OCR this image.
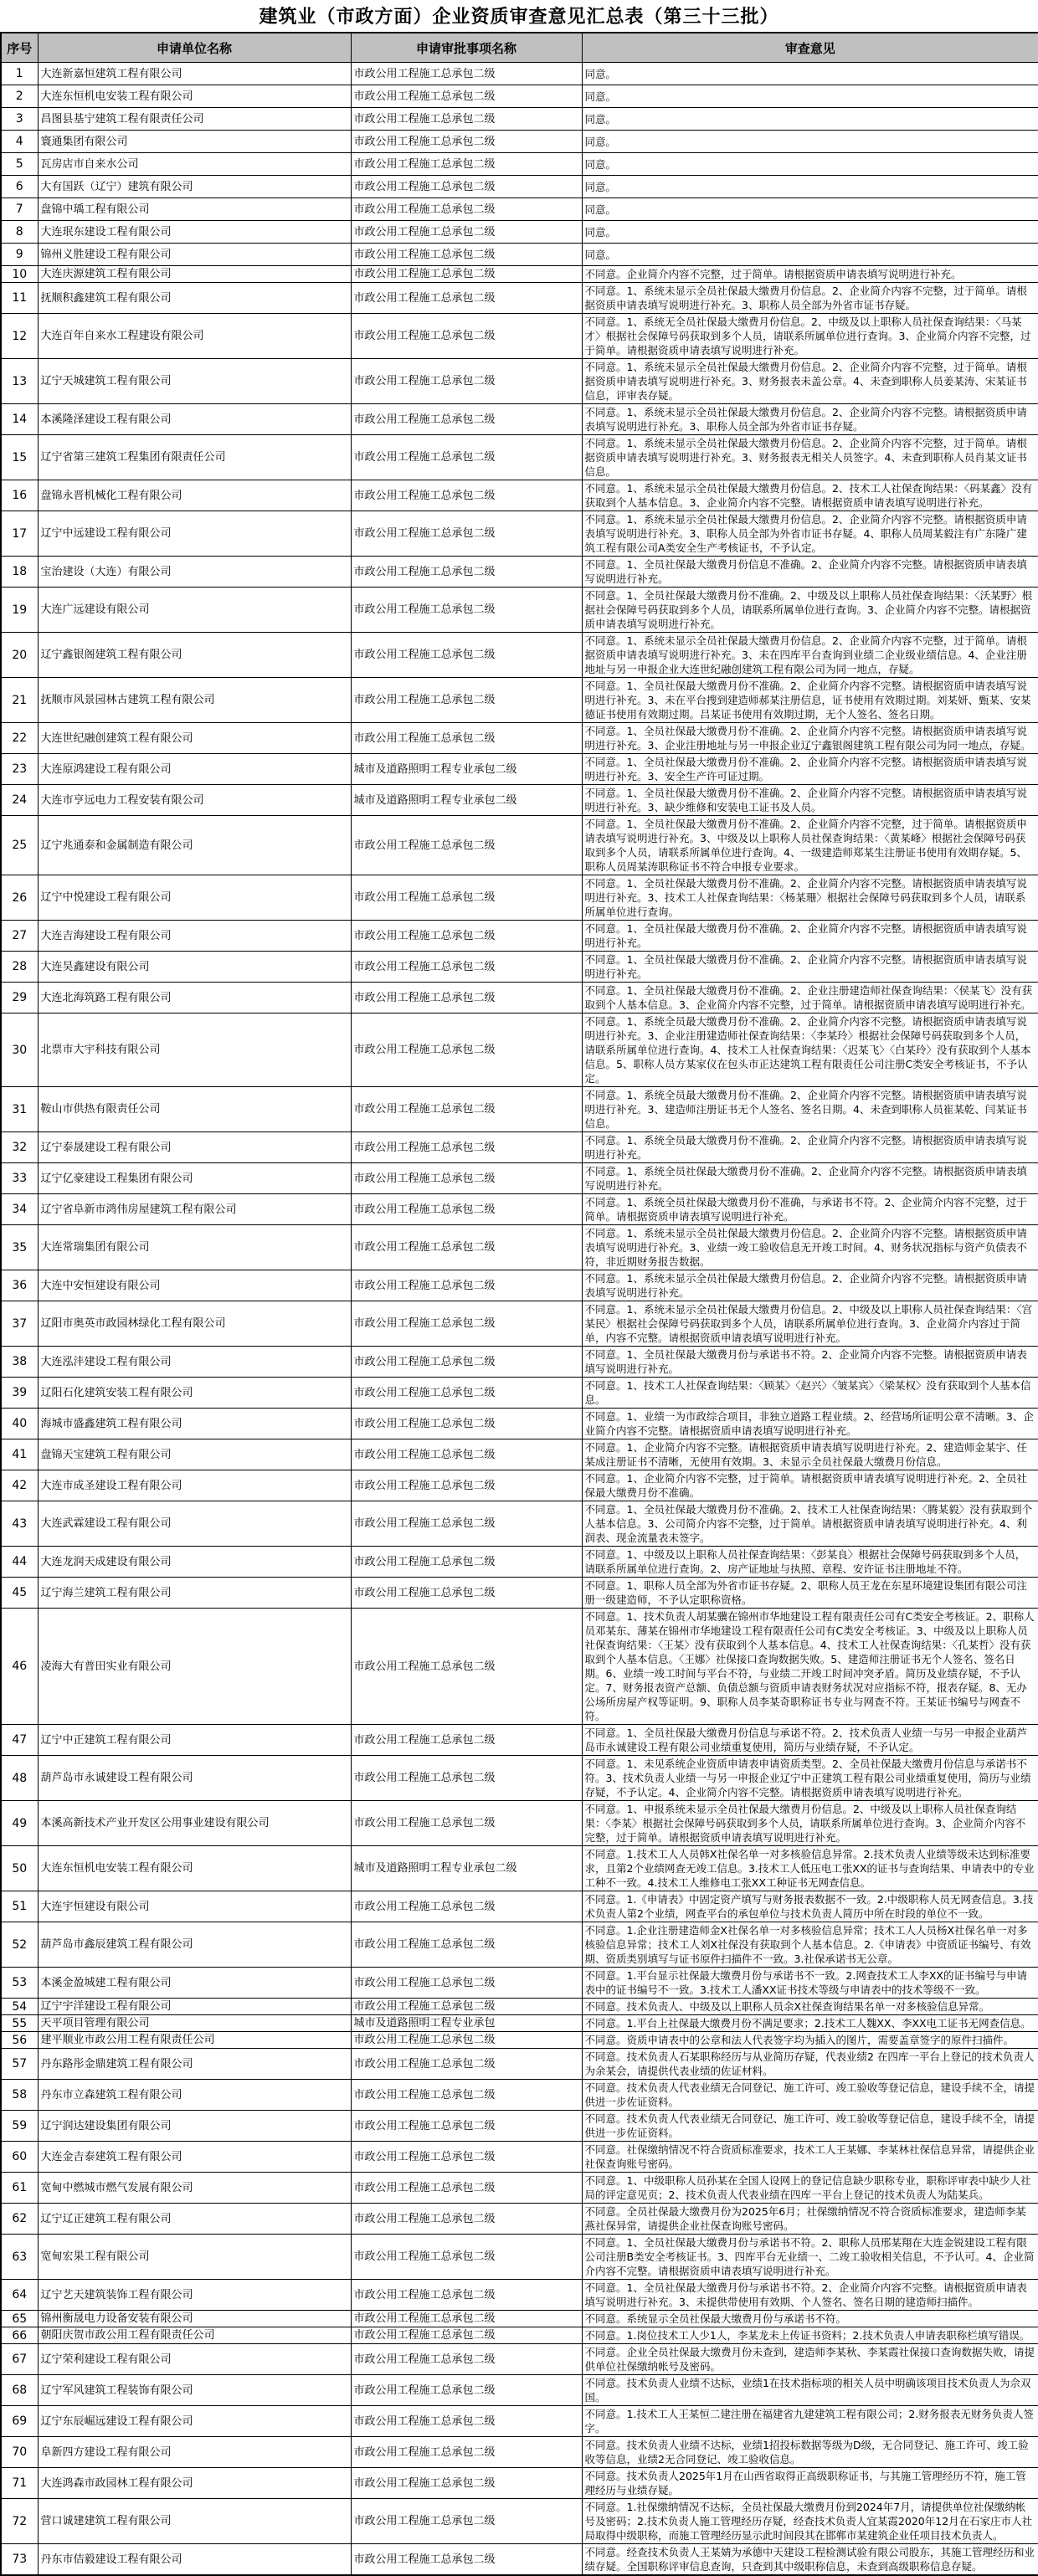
建筑业（市政方面）企业资质审查意见汇总表（第三十三批）
序号	申请单位名称	申请审批事项名称	审查意见
1	大连新嘉恒建筑工程有限公司	市政公用工程施工总承包二级	同意。
2	大连东恒机电安装工程有限公司	市政公用工程施工总承包二级	同意。
3	昌图县基宁建筑工程有限责任公司	市政公用工程施工总承包二级	同意。
4	寰通集团有限公司	市政公用工程施工总承包二级	同意。
5	瓦房店市自来水公司	市政公用工程施工总承包二级	同意。
6	大有国跃（辽宁）建筑有限公司	市政公用工程施工总承包二级	同意。
7	盘锦中瑀工程有限公司	市政公用工程施工总承包二级	同意。
8	大连珉东建设工程有限公司	市政公用工程施工总承包二级	同意。
9	锦州义胜建设工程有限公司	市政公用工程施工总承包二级	同意。
10	大连庆源建筑工程有限公司	市政公用工程施工总承包二级	不同意。企业简介内容不完整，过于简单。请根据资质申请表填写说明进行补充。
11	抚顺积鑫建筑工程有限公司	市政公用工程施工总承包二级	不同意。1、系统未显示全员社保最大缴费月份信息。2、企业简介内容不完整，过于简单。请根据资质申请表填写说明进行补充。3、职称人员全部为外省市证书存疑。
12	大连百年自来水工程建设有限公司	市政公用工程施工总承包二级	不同意。1、系统无全员社保最大缴费月份信息。2、中级及以上职称人员社保查询结果：〈马某才〉根据社会保障号码获取到多个人员，请联系所属单位进行查询。3、企业简介内容不完整，过于简单。请根据资质申请表填写说明进行补充。
13	辽宁天城建筑工程有限公司	市政公用工程施工总承包二级	不同意。1、系统未显示全员社保最大缴费月份信息。2、企业简介内容不完整，过于简单。请根据资质申请表填写说明进行补充。3、财务报表未盖公章。4、未查到职称人员姜某涛、宋某证书信息，评审表存疑。
14	本溪隆泽建设工程有限公司	市政公用工程施工总承包二级	不同意。1、系统未显示全员社保最大缴费月份信息。2、企业简介内容不完整。请根据资质申请表填写说明进行补充。3、职称人员全部为外省市证书存疑。
15	辽宁省第三建筑工程集团有限责任公司	市政公用工程施工总承包二级	不同意。1、系统未显示全员社保最大缴费月份信息。2、企业简介内容不完整，过于简单。请根据资质申请表填写说明进行补充。3、财务报表无相关人员签字。4、未查到职称人员肖某文证书信息。
16	盘锦永晋机械化工程有限公司	市政公用工程施工总承包二级	不同意。1、系统未显示全员社保最大缴费月份信息。2、技术工人社保查询结果：〈码某鑫〉没有获取到个人基本信息。3、企业简介内容不完整。请根据资质申请表填写说明进行补充。
17	辽宁中远建设工程有限公司	市政公用工程施工总承包二级	不同意。1、系统未显示全员社保最大缴费月份信息。2、企业简介内容不完整。请根据资质申请表填写说明进行补充。3、职称人员全部为外省市证书存疑。4、职称人员周某毅注有广东隆广建筑工程有限公司A类安全生产考核证书，不予认定。
18	宝治建设（大连）有限公司	市政公用工程施工总承包二级	不同意。1、全员社保最大缴费月份信息不准确。2、企业简介内容不完整。请根据资质申请表填写说明进行补充。
19	大连广远建设有限公司	市政公用工程施工总承包二级	不同意。1、全员社保最大缴费月份不准确。2、中级及以上职称人员社保查询结果：〈沃某野〉根据社会保障号码获取到多个人员，请联系所属单位进行查询。3、企业简介内容不完整。请根据资质申请表填写说明进行补充。
20	辽宁鑫银阁建筑工程有限公司	市政公用工程施工总承包二级	不同意。1、系统未显示全员社保最大缴费月份信息。2、企业简介内容不完整，过于简单。请根据资质申请表填写说明进行补充。3、未在四库平台查询到业绩二企业级业绩信息。4、企业注册地址与另一申报企业大连世纪融创建筑工程有限公司为同一地点，存疑。
21	抚顺市风景园林古建筑工程有限公司	市政公用工程施工总承包二级	不同意。1、全员社保最大缴费月份不准确。2、企业简介内容不完整。请根据资质申请表填写说明进行补充。3、未在平台搜到建造师郝某注册信息，证书使用有效期过期。刘某妍、甄某、安某德证书使用有效期过期。吕某证书使用有效期过期，无个人签名、签名日期。
22	大连世纪融创建筑工程有限公司	市政公用工程施工总承包二级	不同意。1、全员社保最大缴费月份不准确。2、企业简介内容不完整。请根据资质申请表填写说明进行补充。3、企业注册地址与另一申报企业辽宁鑫银阁建筑工程有限公司为同一地点，存疑。
23	大连原鸿建设工程有限公司	城市及道路照明工程专业承包二级	不同意。1、全员社保最大缴费月份不准确。2、企业简介内容不完整。请根据资质申请表填写说明进行补充。3、安全生产许可证过期。
24	大连市亨远电力工程安装有限公司	城市及道路照明工程专业承包二级	不同意。1、全员社保最大缴费月份不准确。2、企业简介内容不完整。请根据资质申请表填写说明进行补充。3、缺少维修和安装电工证书及人员。
25	辽宁兆通泰和金属制造有限公司	市政公用工程施工总承包二级	不同意。1、全员社保最大缴费月份不准确。2、企业简介内容不完整，过于简单。请根据资质申请表填写说明进行补充。3、中级及以上职称人员社保查询结果：〈黄某峰〉根据社会保障号码获取到多个人员，请联系所属单位进行查询。4、一级建造师郑某生注册证书使用有效期存疑。5、职称人员周某涛职称证书不符合申报专业要求。
26	辽宁中悦建设工程有限公司	市政公用工程施工总承包二级	不同意。1、全员社保最大缴费月份不准确。2、企业简介内容不完整。请根据资质申请表填写说明进行补充。3、技术工人社保查询结果：〈杨某珊〉根据社会保障号码获取到多个人员，请联系所属单位进行查询。
27	大连吉海建设工程有限公司	市政公用工程施工总承包二级	不同意。1、全员社保最大缴费月份不准确。2、企业简介内容不完整。请根据资质申请表填写说明进行补充。
28	大连昊鑫建设有限公司	市政公用工程施工总承包二级	不同意。1、全员社保最大缴费月份不准确。2、企业简介内容不完整。请根据资质申请表填写说明进行补充。
29	大连北海筑路工程有限公司	市政公用工程施工总承包二级	不同意。1、全员社保最大缴费月份不准确。2、企业注册建造师社保查询结果：〈侯某飞〉没有获取到个人基本信息。3、企业简介内容不完整，过于简单。请根据资质申请表填写说明进行补充。
30	北票市大宇科技有限公司	市政公用工程施工总承包二级	不同意。1、系统全员最大缴费月份不准确。2、企业简介内容不完整。请根据资质申请表填写说明进行补充。3、企业注册建造师社保查询结果：〈李某玲〉根据社会保障号码获取到多个人员，请联系所属单位进行查询。4、技术工人社保查询结果：〈迟某飞〉〈白某玲〉没有获取到个人基本信息。5、职称人员方某家仪在包头市正达建筑工程有限责任公司注册C类安全考核证书，不予认定。
31	鞍山市供热有限责任公司	市政公用工程施工总承包二级	不同意。1、系统全员最大缴费月份不准确。2、企业简介内容不完整。请根据资质申请表填写说明进行补充。3、建造师注册证书无个人签名、签名日期。4、未查到职称人员崔某乾、闫某证书信息。
32	辽宁泰晟建设工程有限公司	市政公用工程施工总承包二级	不同意。1、系统全员最大缴费月份不准确。2、企业简介内容不完整。请根据资质申请表填写说明进行补充。
33	辽宁亿豪建设工程集团有限公司	市政公用工程施工总承包二级	不同意。1、系统全员社保最大缴费月份不准确。2、企业简介内容不完整。请根据资质申请表填写说明进行补充。
34	辽宁省阜新市鸿伟房屋建筑工程有限公司	市政公用工程施工总承包二级	不同意。1、系统全员社保最大缴费月份不准确，与承诺书不符。2、企业简介内容不完整，过于简单。请根据资质申请表填写说明进行补充。
35	大连常瑞集团有限公司	市政公用工程施工总承包二级	不同意。1、系统未显示全员社保最大缴费月份信息。2、企业简介内容不完整。请根据资质申请表填写说明进行补充。3、业绩一竣工验收信息无开竣工时间。4、财务状况指标与资产负债表不符，非近期财务报告数据。
36	大连中安恒建设有限公司	市政公用工程施工总承包二级	不同意。1、系统未显示全员社保最大缴费月份信息。2、企业简介内容不完整。请根据资质申请表填写说明进行补充。
37	辽阳市奥英市政园林绿化工程有限公司	市政公用工程施工总承包二级	不同意。1、系统未显示全员社保最大缴费月份信息。2、中级及以上职称人员社保查询结果：〈宫某民〉根据社会保障号码获取到多个人员，请联系所属单位进行查询。3、企业简介内容过于简单，内容不完整。请根据资质申请表填写说明进行补充。
38	大连泓沣建设工程有限公司	市政公用工程施工总承包二级	不同意。1、全员社保最大缴费月份与承诺书不符。2、企业简介内容不完整。请根据资质申请表填写说明进行补充。
39	辽阳石化建筑安装工程有限公司	市政公用工程施工总承包二级	不同意。1、技术工人社保查询结果：〈顾某〉〈赵兴〉〈皱某宾〉〈梁某权〉没有获取到个人基本信息。
40	海城市盛鑫建筑工程有限公司	市政公用工程施工总承包二级	不同意。1、业绩一为市政综合项目，非独立道路工程业绩。2、经营场所证明公章不清晰。3、企业简介内容不完整。请根据资质申请表填写说明进行补充。
41	盘锦天宝建筑工程有限公司	市政公用工程施工总承包二级	不同意。1、企业简介内容不完整。请根据资质申请表填写说明进行补充。2、建造师金某宇、任某成注册证书不清晰，无使用有效期。3、未显示全员社保最大缴费月份信息。
42	大连市成圣建设工程有限公司	市政公用工程施工总承包二级	不同意。1、企业简介内容不完整，过于简单。请根据资质申请表填写说明进行补充。2、全员社保最大缴费月份不准确。
43	大连武霖建设工程有限公司	市政公用工程施工总承包二级	不同意。1、全员社保最大缴费月份不准确。2、技术工人社保查询结果：〈腾某毅〉没有获取到个人基本信息。3、公司简介内容不完整，过于简单。请根据资质申请表填写说明进行补充。4、利润表、现金流量表未签字。
44	大连龙润天成建设有限公司	市政公用工程施工总承包二级	不同意。1、中级及以上职称人员社保查询结果：〈彭某良〉根据社会保障号码获取到多个人员，请联系所属单位进行查询。2、房产证地址与执照、章程、安许证书注册地址不符。
45	辽宁海兰建筑工程有限公司	市政公用工程施工总承包二级	不同意。1、职称人员全部为外省市证书存疑。2、职称人员王龙在东星环境建设集团有限公司注册一级建造师，不予认定职称资格。
46	凌海大有普田实业有限公司	市政公用工程施工总承包二级	不同意。1、技术负责人胡某骥在锦州市华地建设工程有限责任公司有C类安全考核证。2、职称人员邓某东、薄某在锦州市华地建设工程有限责任公司有C类安全考核证。3、中级及以上职称人员社保查询结果：〈王某〉没有获取到个人基本信息。4、技术工人社保查询结果：〈孔某哲〉没有获取到个人基本信息。〈王娜〉社保接口查询数据失败。5、建造师注册证书无个人签名、签名日期。6、业绩一竣工时间与平台不符，与业绩二开竣工时间冲突矛盾。简历及业绩存疑，不予认定。7、财务报表资产总额、负债总额与资质申请表财务状况对应指标不符，报表存疑。8、无办公场所房屋产权等证明。9、职称人员李某奇职称证书专业与网查不符。王某证书编号与网查不符。
47	辽宁中正建筑工程有限公司	市政公用工程施工总承包二级	不同意。1、全员社保最大缴费月份信息与承诺不符。2、技术负责人业绩一与另一申报企业葫芦岛市永诚建设工程有限公司业绩重复使用，简历与业绩存疑，不予认定。
48	葫芦岛市永诚建设工程有限公司	市政公用工程施工总承包二级	不同意。1、未见系统企业资质申请表申请资质类型。2、全员社保最大缴费月份信息与承诺书不符。3、技术负责人业绩一与另一申报企业辽宁中正建筑工程有限公司业绩重复使用，简历与业绩存疑，不予认定。4、企业简介内容不完整。请根据资质申请表填写说明进行补充。
49	本溪高新技术产业开发区公用事业建设有限公司	市政公用工程施工总承包二级	不同意。1、申报系统未显示全员社保最大缴费月份信息。2、中级及以上职称人员社保查询结果：〈李某〉根据社会保障号码获取到多个人员，请联系所属单位进行查询。3、企业简介内容不完整，过于简单。请根据资质申请表填写说明进行补充。
50	大连东恒机电安装工程有限公司	城市及道路照明工程专业承包二级	不同意。1.技术工人人员韩X社保名单一对多核验信息异常。2.技术负责人业绩等级未达到标准要求，且第2个业绩网查无竣工信息。3.技术工人低压电工张XX的证书与查询结果、申请表中的专业工种不一致。4.技术工人维修电工张XX工种证书无网查信息。
51	大连宇恒建设有限公司	市政公用工程施工总承包二级	不同意。1.《申请表》中固定资产填写与财务报表数据不一致。2.中级职称人员无网查信息。3.技术负责人第2个业绩，网查平台的承包单位与技术负责人简历中所在时段的单位不一致。
52	葫芦岛市鑫辰建筑工程有限公司	市政公用工程施工总承包二级	不同意。1.企业注册建造师金X社保名单一对多核验信息异常；技术工人人员杨X社保名单一对多核验信息异常；技术工人刘X社保没有获取到个人基本信息。2.《申请表》中资质证书编号、有效期、资质类别填写与证书原件扫描件不一致。3.社保承诺书无公章。
53	本溪金盈城建工程有限公司	市政公用工程施工总承包二级	不同意。1.平台显示社保最大缴费月份与承诺书不一致。2.网查技术工人李XX的证书编号与申请表中的证书编号不一致。3.技术工人潘XX证书技术等级与申请表中的技术等级不一致。
54	辽宁宇洋建设工程有限公司	市政公用工程施工总承包二级	不同意。技术负责人、中级及以上职称人员余X社保查询结果名单一对多核验信息异常。
55	天平项目管理有限公司	城市及道路照明工程专业承包	不同意。1.平台上社保最大缴费月份不满足要求；2.技术工人魏XX、李XX电工证书无网查信息。
56	建平顺业市政公用工程有限责任公司	市政公用工程施工总承包二级	不同意。资质申请表中的公章和法人代表签字均为插入的图片，需要盖章签字的原件扫描件。
57	丹东路彤金鼎建筑工程有限公司	市政公用工程施工总承包二级	不同意。技术负责人石某职称经历与从业简历存疑，代表业绩2 在四库一平台上登记的技术负责人为余某会，请提供代表业绩的佐证材料。
58	丹东市立森建筑工程有限公司	市政公用工程施工总承包二级	不同意。技术负责人代表业绩无合同登记、施工许可、竣工验收等登记信息，建设手续不全，请提供进一步佐证资料。
59	辽宁润达建设集团有限公司	市政公用工程施工总承包二级	不同意。技术负责人代表业绩无合同登记、施工许可、竣工验收等登记信息，建设手续不全，请提供进一步佐证资料。
60	大连金吉泰建筑工程有限公司	市政公用工程施工总承包二级	不同意。社保缴纳情况不符合资质标准要求，技术工人王某娜、李某林社保信息异常，请提供企业社保查询账号密码。
61	宽甸中燃城市燃气发展有限公司	市政公用工程施工总承包二级	不同意。1、中级职称人员孙某在全国人设网上的登记信息缺少职称专业，职称评审表中缺少人社局的评定意见页；2、技术负责人代表业绩在四库一平台上登记的技术负责人为陆某兵。
62	辽宁辽正建筑工程有限公司	市政公用工程施工总承包二级	不同意。全员社保最大缴费月份为2025年6月；社保缴纳情况不符合资质标准要求，建造师李某燕社保异常，请提供企业社保查询账号密码。
63	宽甸宏果工程有限公司	市政公用工程施工总承包二级	不同意。1、全员社保最大缴费月份与承诺书不符。2、职称人员邢某翔在大连金锐建设工程有限公司注册B类安全考核证书。3、四库平台无业绩一、二竣工验收相关信息，不予认可。4、企业简介内容不完整。请根据资质申请表填写说明进行补充。
64	辽宁艺天建筑装饰工程有限公司	市政公用工程施工总承包二级	不同意。1、全员社保最大缴费月份与承诺书不符。2、企业简介内容不完整。请根据资质申请表填写说明进行补充。3、未提供带使用有效期、个人签名、签名日期的建造师扫描件。
65	锦州衡晟电力设备安装有限公司	市政公用工程施工总承包二级	不同意。系统显示全员社保最大缴费月份与承诺书不符。
66	朝阳庆贺市政公用工程有限责任公司	市政公用工程施工总承包二级	不同意。1.岗位技术工人少1人，李某龙未上传证书资料；2.技术负责人申请表职称栏填写错误。
67	辽宁荣利建设工程有限公司	市政公用工程施工总承包二级	不同意。企业全员社保最大缴费月份未查到，建造师李某秋、李某霞社保接口查询数据失败，请提供单位社保缴纳帐号及密码。
68	辽宁军风建筑工程装饰有限公司	市政公用工程施工总承包二级	不同意。技术负责人业绩不达标，业绩1在技术指标项的相关人员中明确该项目技术负责人为佘双国。
69	辽宁东辰崛远建设工程有限公司	市政公用工程施工总承包二级	不同意。1.技术工人王某恒二建注册在福建省九建建筑工程有限公司；2.财务报表无财务负责人签字。
70	阜新四方建设工程有限公司	市政公用工程施工总承包二级	不同意。技术负责人业绩不达标，业绩1招投标数据等级为D级，无合同登记、施工许可、竣工验收等信息，业绩2无合同登记、竣工验收信息。
71	大连鸿森市政园林工程有限公司	市政公用工程施工总承包二级	不同意。技术负责人2025年1月在山西省取得正高级职称证书，与其施工管理经历不符，施工管理经历与业绩存疑。
72	营口诚建建筑工程有限公司	市政公用工程施工总承包二级	不同意。1.社保缴纳情况不达标，全员社保最大缴费月份到2024年7月，请提供单位社保缴纳帐号及密码；2.技术负责人施工管理经历存疑，经查技术负责人宜某霞2020年12月在石家庄市人社局取得中级职称，而施工管理经历显示此时间段其在邯郸市某建筑企业任项目技术负责人。
73	丹东市佶毅建设工程有限公司	市政公用工程施工总承包二级	不同意。经查技术负责人王某婧为承德中天建设工程检测试验有限公司股东，其施工管理经历和业绩存疑。全国职称评审信息查询，只查到其中级职称信息，未查到高级职称信息存疑。
